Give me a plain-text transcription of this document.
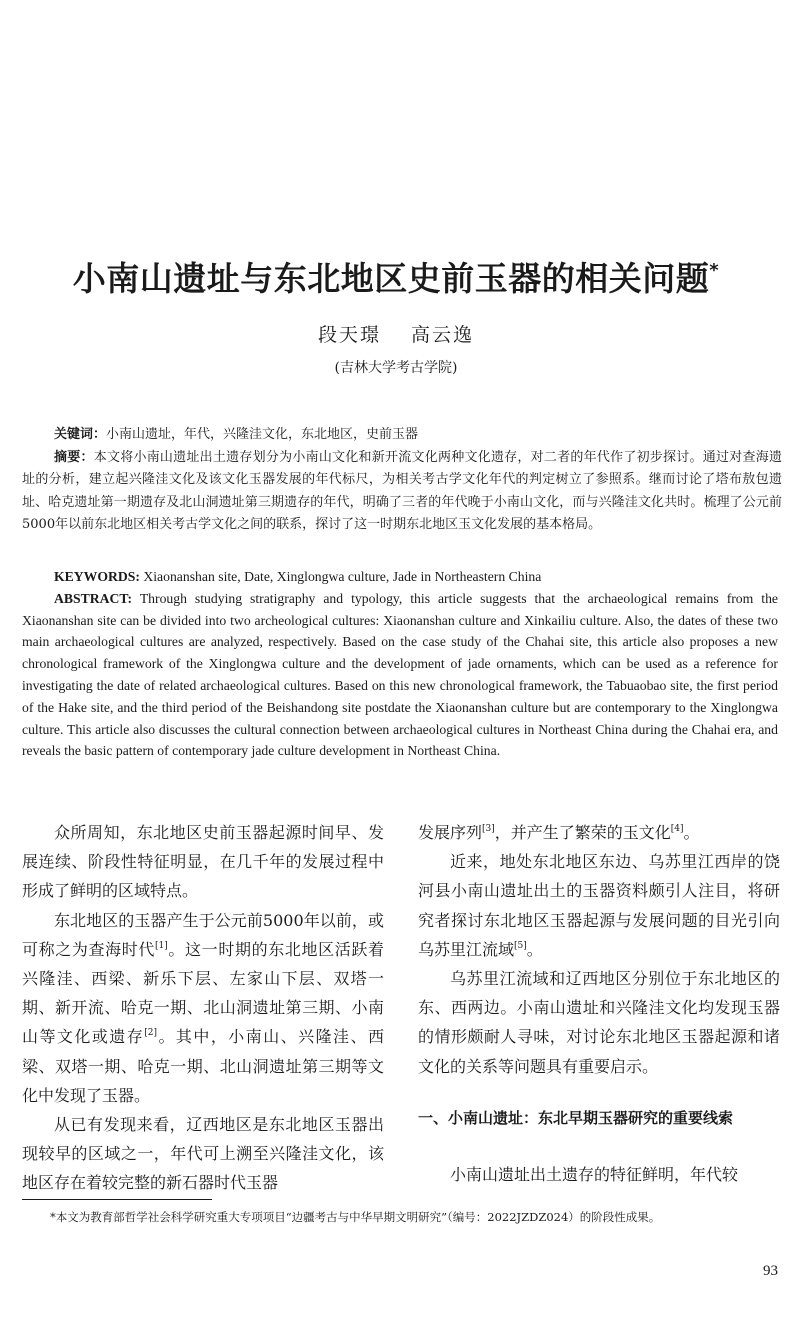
小南山遗址与东北地区史前玉器的相关问题*
段天璟 高云逸
(吉林大学考古学院)

关键词：小南山遗址，年代，兴隆洼文化，东北地区，史前玉器

摘要：本文将小南山遗址出土遗存划分为小南山文化和新开流文化两种文化遗存，对二者的年代作了初步探讨。通过对查海遗址的分析，建立起兴隆洼文化及该文化玉器发展的年代标尺，为相关考古学文化年代的判定树立了参照系。继而讨论了塔布敖包遗址、哈克遗址第一期遗存及北山洞遗址第三期遗存的年代，明确了三者的年代晚于小南山文化，而与兴隆洼文化共时。梳理了公元前5000年以前东北地区相关考古学文化之间的联系，探讨了这一时期东北地区玉文化发展的基本格局。

KEYWORDS: Xiaonanshan site, Date, Xinglongwa culture, Jade in Northeastern China

ABSTRACT: Through studying stratigraphy and typology, this article suggests that the archaeological remains from the Xiaonanshan site can be divided into two archeological cultures: Xiaonanshan culture and Xinkailiu culture. Also, the dates of these two main archaeological cultures are analyzed, respectively. Based on the case study of the Chahai site, this article also proposes a new chronological framework of the Xinglongwa culture and the development of jade ornaments, which can be used as a reference for investigating the date of related archaeological cultures. Based on this new chronological framework, the Tabuaobao site, the first period of the Hake site, and the third period of the Beishandong site postdate the Xiaonanshan culture but are contemporary to the Xinglongwa culture. This article also discusses the cultural connection between archaeological cultures in Northeast China during the Chahai era, and reveals the basic pattern of contemporary jade culture development in Northeast China.

众所周知，东北地区史前玉器起源时间早、发展连续、阶段性特征明显，在几千年的发展过程中形成了鲜明的区域特点。

东北地区的玉器产生于公元前5000年以前，或可称之为查海时代[1]。这一时期的东北地区活跃着兴隆洼、西梁、新乐下层、左家山下层、双塔一期、新开流、哈克一期、北山洞遗址第三期、小南山等文化或遗存[2]。其中，小南山、兴隆洼、西梁、双塔一期、哈克一期、北山洞遗址第三期等文化中发现了玉器。

从已有发现来看，辽西地区是东北地区玉器出现较早的区域之一，年代可上溯至兴隆洼文化，该地区存在着较完整的新石器时代玉器

发展序列[3]，并产生了繁荣的玉文化[4]。

近来，地处东北地区东边、乌苏里江西岸的饶河县小南山遗址出土的玉器资料颇引人注目，将研究者探讨东北地区玉器起源与发展问题的目光引向乌苏里江流域[5]。

乌苏里江流域和辽西地区分别位于东北地区的东、西两边。小南山遗址和兴隆洼文化均发现玉器的情形颇耐人寻味，对讨论东北地区玉器起源和诸文化的关系等问题具有重要启示。

一、小南山遗址：东北早期玉器研究的重要线索

小南山遗址出土遗存的特征鲜明，年代较

*本文为教育部哲学社会科学研究重大专项项目“边疆考古与中华早期文明研究”（编号：2022JZDZ024）的阶段性成果。
93
